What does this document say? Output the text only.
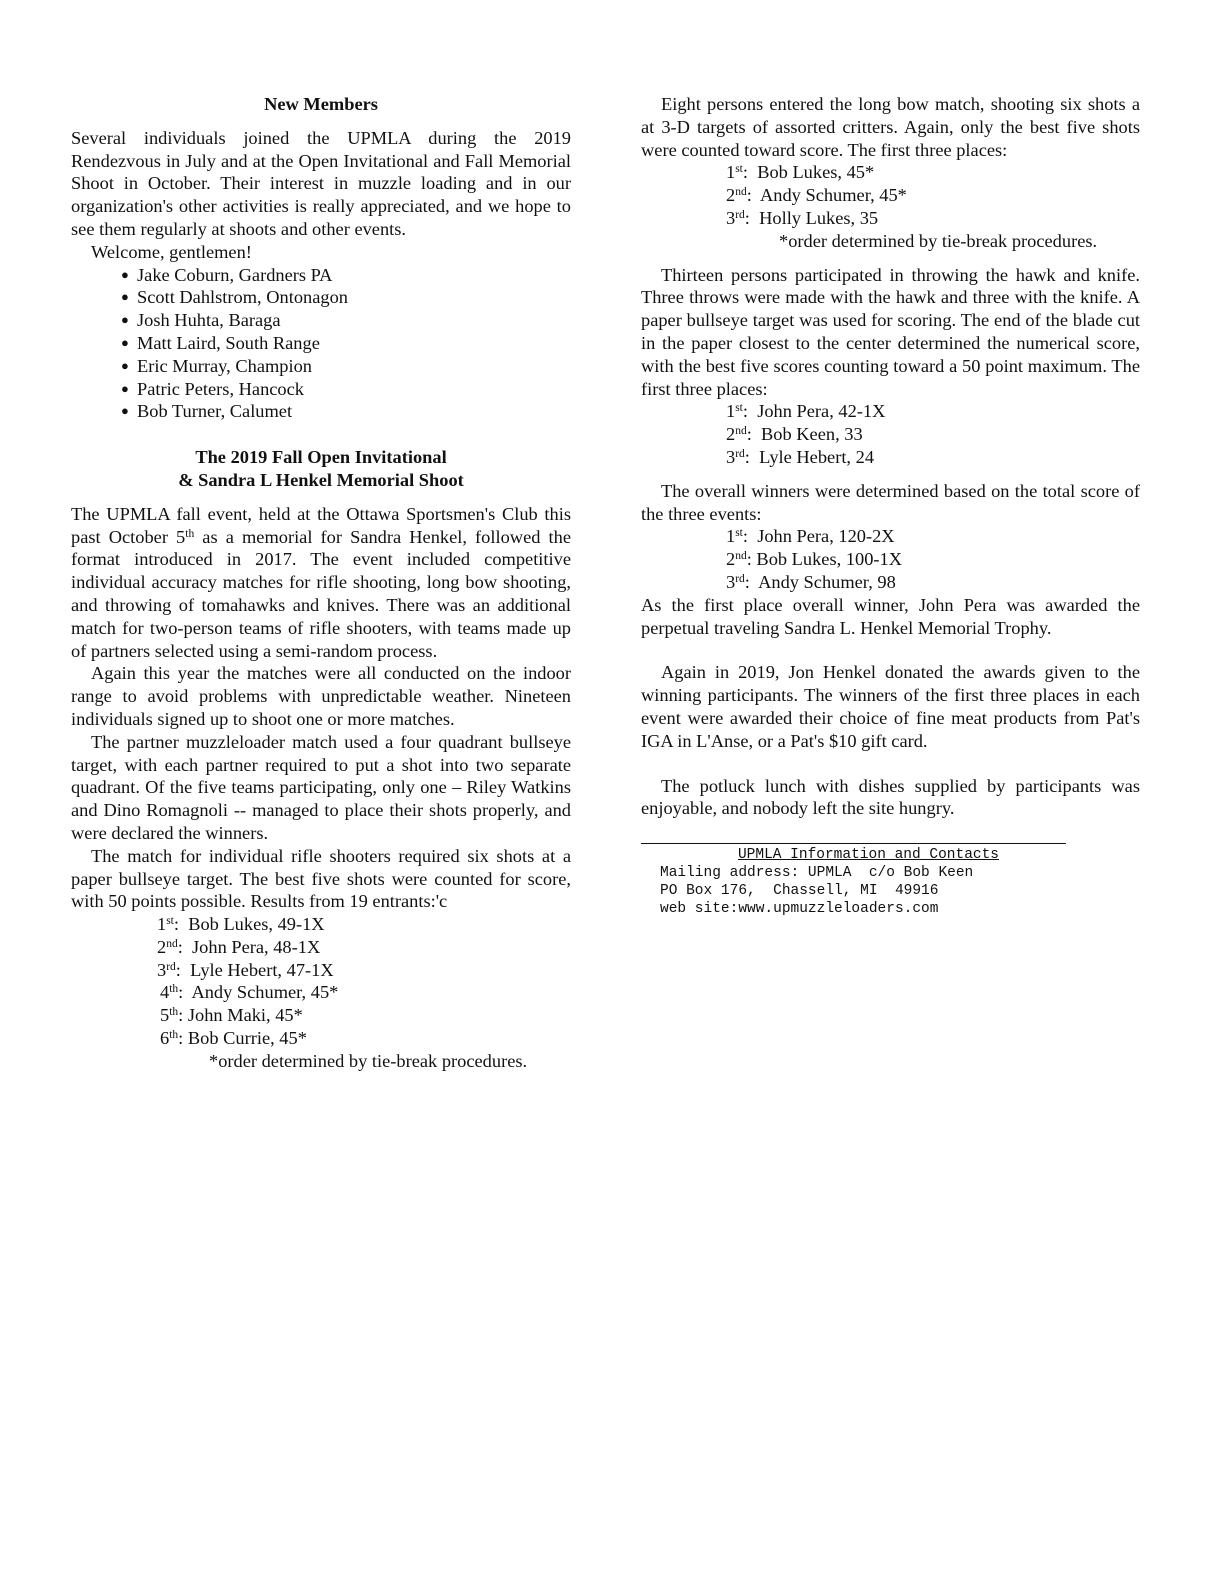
New Members

Several individuals joined the UPMLA during the 2019 Rendezvous in July and at the Open Invitational and Fall Memorial Shoot in October. Their interest in muzzle loading and in our organization's other activities is really appreciated, and we hope to see them regularly at shoots and other events.

Welcome, gentlemen!
● Jake Coburn, Gardners PA
● Scott Dahlstrom, Ontonagon
● Josh Huhta, Baraga
● Matt Laird, South Range
● Eric Murray, Champion
● Patric Peters, Hancock
● Bob Turner, Calumet
The 2019 Fall Open Invitational
& Sandra L Henkel Memorial Shoot

The UPMLA fall event, held at the Ottawa Sportsmen's Club this past October 5th as a memorial for Sandra Henkel, followed the format introduced in 2017. The event included competitive individual accuracy matches for rifle shooting, long bow shooting, and throwing of tomahawks and knives. There was an additional match for two-person teams of rifle shooters, with teams made up of partners selected using a semi-random process.

Again this year the matches were all conducted on the indoor range to avoid problems with unpredictable weather. Nineteen individuals signed up to shoot one or more matches.

The partner muzzleloader match used a four quadrant bullseye target, with each partner required to put a shot into two separate quadrant. Of the five teams participating, only one – Riley Watkins and Dino Romagnoli -- managed to place their shots properly, and were declared the winners.

The match for individual rifle shooters required six shots at a paper bullseye target. The best five shots were counted for score, with 50 points possible. Results from 19 entrants:'c

1st:  Bob Lukes, 49-1X
2nd:  John Pera, 48-1X
3rd:  Lyle Hebert, 47-1X
4th:  Andy Schumer, 45*
5th: John Maki, 45*
6th: Bob Currie, 45*
*order determined by tie-break procedures.

Eight persons entered the long bow match, shooting six shots a at 3-D targets of assorted critters. Again, only the best five shots were counted toward score. The first three places:

1st:  Bob Lukes, 45*
2nd:  Andy Schumer, 45*
3rd:  Holly Lukes, 35
*order determined by tie-break procedures.

Thirteen persons participated in throwing the hawk and knife. Three throws were made with the hawk and three with the knife. A paper bullseye target was used for scoring. The end of the blade cut in the paper closest to the center determined the numerical score, with the best five scores counting toward a 50 point maximum. The first three places:

1st:  John Pera, 42-1X
2nd:  Bob Keen, 33
3rd:  Lyle Hebert, 24

The overall winners were determined based on the total score of the three events:

1st:  John Pera, 120-2X
2nd: Bob Lukes, 100-1X
3rd:  Andy Schumer, 98

As the first place overall winner, John Pera was awarded the perpetual traveling Sandra L. Henkel Memorial Trophy.

Again in 2019, Jon Henkel donated the awards given to the winning participants. The winners of the first three places in each event were awarded their choice of fine meat products from Pat's IGA in L'Anse, or a Pat's $10 gift card.

The potluck lunch with dishes supplied by participants was enjoyable, and nobody left the site hungry.

UPMLA Information and Contacts
Mailing address: UPMLA  c/o Bob Keen
PO Box 176,  Chassell, MI  49916
web site:www.upmuzzleloaders.com
